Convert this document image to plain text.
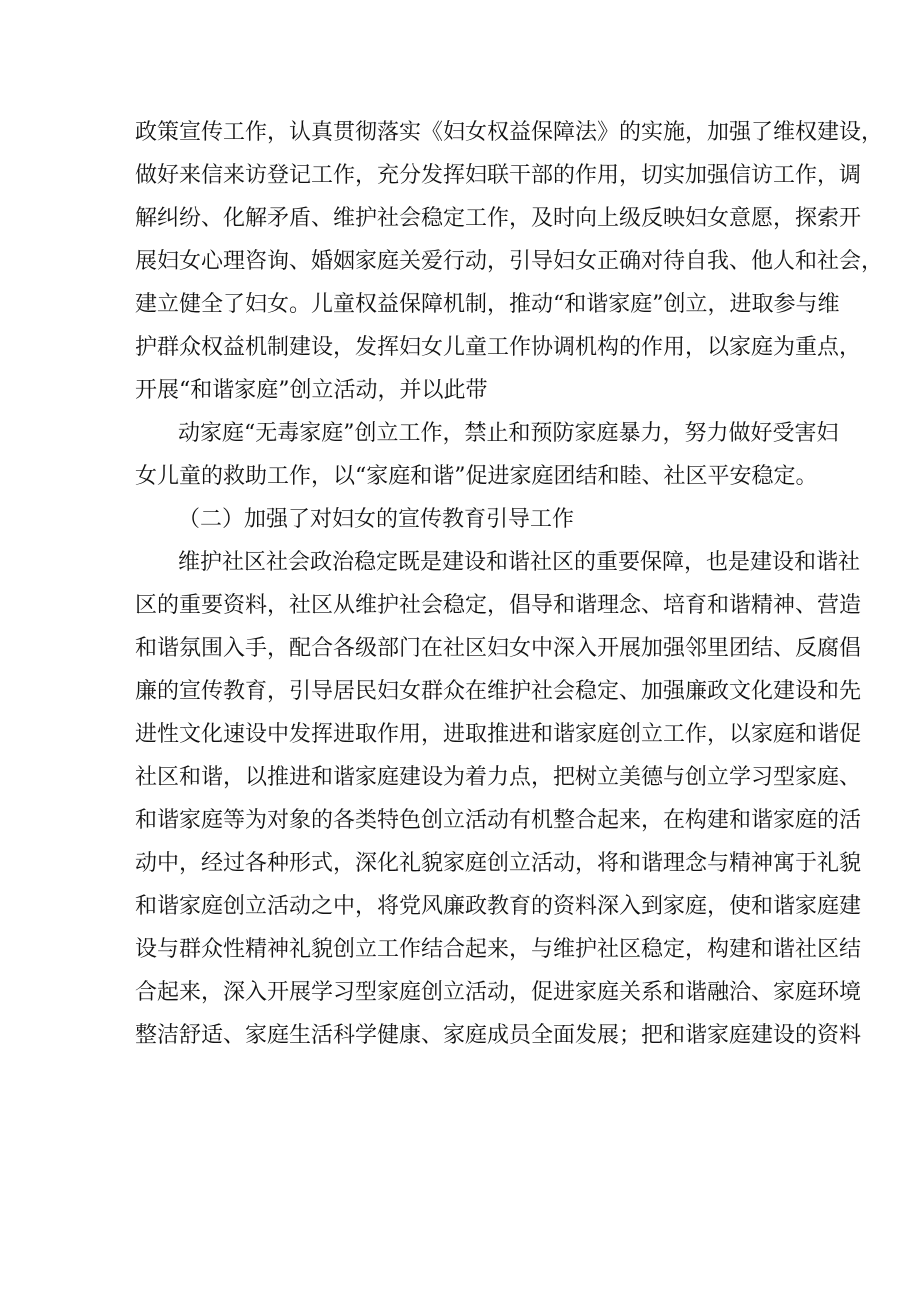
政策宣传工作，认真贯彻落实《妇女权益保障法》的实施，加强了维权建设，
做好来信来访登记工作，充分发挥妇联干部的作用，切实加强信访工作，调
解纠纷、化解矛盾、维护社会稳定工作，及时向上级反映妇女意愿，探索开
展妇女心理咨询、婚姻家庭关爱行动，引导妇女正确对待自我、他人和社会，
建立健全了妇女。儿童权益保障机制，推动“和谐家庭”创立，进取参与维
护群众权益机制建设，发挥妇女儿童工作协调机构的作用，以家庭为重点，
开展“和谐家庭”创立活动，并以此带
动家庭“无毒家庭”创立工作，禁止和预防家庭暴力，努力做好受害妇
女儿童的救助工作，以“家庭和谐”促进家庭团结和睦、社区平安稳定。
（二）加强了对妇女的宣传教育引导工作
维护社区社会政治稳定既是建设和谐社区的重要保障，也是建设和谐社
区的重要资料，社区从维护社会稳定，倡导和谐理念、培育和谐精神、营造
和谐氛围入手，配合各级部门在社区妇女中深入开展加强邻里团结、反腐倡
廉的宣传教育，引导居民妇女群众在维护社会稳定、加强廉政文化建设和先
进性文化速设中发挥进取作用，进取推进和谐家庭创立工作，以家庭和谐促
社区和谐，以推进和谐家庭建设为着力点，把树立美德与创立学习型家庭、
和谐家庭等为对象的各类特色创立活动有机整合起来，在构建和谐家庭的活
动中，经过各种形式，深化礼貌家庭创立活动，将和谐理念与精神寓于礼貌
和谐家庭创立活动之中，将党风廉政教育的资料深入到家庭，使和谐家庭建
设与群众性精神礼貌创立工作结合起来，与维护社区稳定，构建和谐社区结
合起来，深入开展学习型家庭创立活动，促进家庭关系和谐融洽、家庭环境
整洁舒适、家庭生活科学健康、家庭成员全面发展；把和谐家庭建设的资料
